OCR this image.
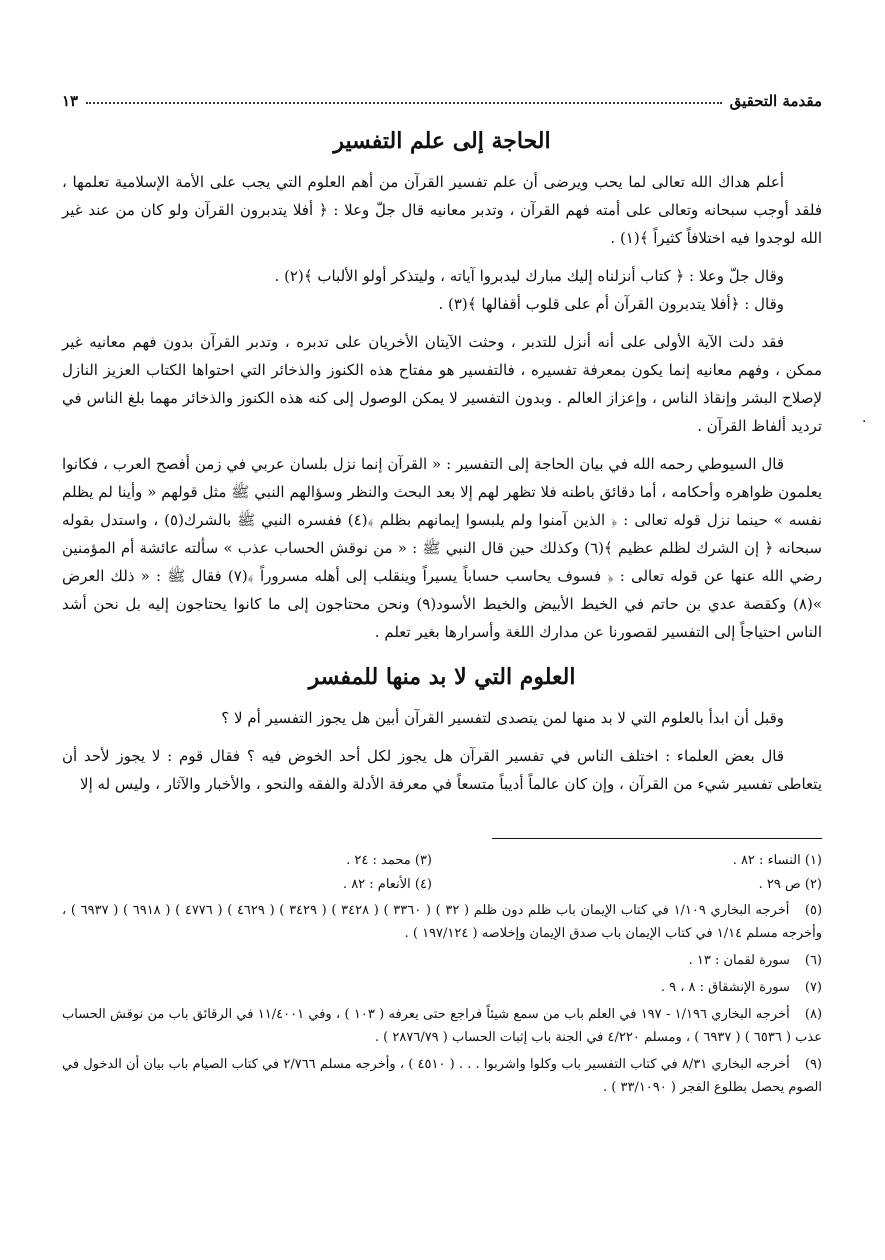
مقدمة التحقيق
١٣
الحاجة إلى علم التفسير

أعلم هداك الله تعالى لما يحب ويرضى أن علم تفسير القرآن من أهم العلوم التي يجب على الأمة الإسلامية تعلمها ، فلقد أوجب سبحانه وتعالى على أمته فهم القرآن ، وتدبر معانيه قال جلّ وعلا : ﴿ أفلا يتدبرون القرآن ولو كان من عند غير الله لوجدوا فيه اختلافاً كثيراً ﴾(١) .

وقال جلّ وعلا : ﴿ كتاب أنزلناه إليك مبارك ليدبروا آياته ، وليتذكر أولو الألباب ﴾(٢) .

وقال : ﴿أفلا يتدبرون القرآن أم على قلوب أقفالها ﴾(٣) .

فقد دلت الآية الأولى على أنه أنزل للتدبر ، وحثت الآيتان الأخريان على تدبره ، وتدبر القرآن بدون فهم معانيه غير ممكن ، وفهم معانيه إنما يكون بمعرفة تفسيره ، فالتفسير هو مفتاح هذه الكنوز والذخائر التي احتواها الكتاب العزيز النازل لإصلاح البشر وإنقاذ الناس ، وإعزاز العالم . وبدون التفسير لا يمكن الوصول إلى كنه هذه الكنوز والذخائر مهما بلغ الناس في ترديد ألفاظ القرآن .

قال السيوطي رحمه الله في بيان الحاجة إلى التفسير : « القرآن إنما نزل بلسان عربي في زمن أفصح العرب ، فكانوا يعلمون ظواهره وأحكامه ، أما دقائق باطنه فلا تظهر لهم إلا بعد البحث والنظر وسؤالهم النبي ﷺ مثل قولهم « وأينا لم يظلم نفسه » حينما نزل قوله تعالى : ﴿ الذين آمنوا ولم يلبسوا إيمانهم بظلم ﴾(٤) ففسره النبي ﷺ بالشرك(٥) ، واستدل بقوله سبحانه ﴿ إن الشرك لظلم عظيم ﴾(٦) وكذلك حين قال النبي ﷺ : « من نوقش الحساب عذب » سألته عائشة أم المؤمنين رضي الله عنها عن قوله تعالى : ﴿ فسوف يحاسب حساباً يسيراً وينقلب إلى أهله مسروراً ﴾(٧) فقال ﷺ : « ذلك العرض »(٨) وكقصة عدي بن حاتم في الخيط الأبيض والخيط الأسود(٩) ونحن محتاجون إلى ما كانوا يحتاجون إليه بل نحن أشد الناس احتياجاً إلى التفسير لقصورنا عن مدارك اللغة وأسرارها بغير تعلم .

العلوم التي لا بد منها للمفسر

وقبل أن ابدأ بالعلوم التي لا بد منها لمن يتصدى لتفسير القرآن أبين هل يجوز التفسير أم لا ؟

قال بعض العلماء : اختلف الناس في تفسير القرآن هل يجوز لكل أحد الخوض فيه ؟ فقال قوم : لا يجوز لأحد أن يتعاطى تفسير شيء من القرآن ، وإن كان عالماً أديباً متسعاً في معرفة الأدلة والفقه والنحو ، والأخبار والآثار ، وليس له إلا

(١) النساء : ٨٢ .
(٣) محمد : ٢٤ .
(٢) ص ٢٩ .
(٤) الأنعام : ٨٢ .

(٥) أخرجه البخاري ١/١٠٩ في كتاب الإيمان باب ظلم دون ظلم ( ٣٢ ) ( ٣٣٦٠ ) ( ٣٤٢٨ ) ( ٣٤٢٩ ) ( ٤٦٢٩ ) ( ٤٧٧٦ ) ( ٦٩١٨ ) ( ٦٩٣٧ ) ، وأخرجه مسلم ١/١٤ في كتاب الإيمان باب صدق الإيمان وإخلاصه ( ١٩٧/١٢٤ ) .

(٦) سورة لقمان : ١٣ .

(٧) سورة الإنشقاق : ٨ ، ٩ .

(٨) أخرجه البخاري ١/١٩٦ - ١٩٧ في العلم باب من سمع شيئاً فراجع حتى يعرفه ( ١٠٣ ) ، وفي ١١/٤٠٠١ في الرقائق باب من نوقش الحساب عذب ( ٦٥٣٦ ) ( ٦٩٣٧ ) ، ومسلم ٤/٢٢٠ في الجنة باب إثبات الحساب ( ٢٨٧٦/٧٩ ) .

(٩) أخرجه البخاري ٨/٣١ في كتاب التفسير باب وكلوا واشربوا . . . ( ٤٥١٠ ) ، وأخرجه مسلم ٢/٧٦٦ في كتاب الصيام باب بيان أن الدخول في الصوم يحصل بطلوع الفجر ( ٣٣/١٠٩٠ ) .

·
